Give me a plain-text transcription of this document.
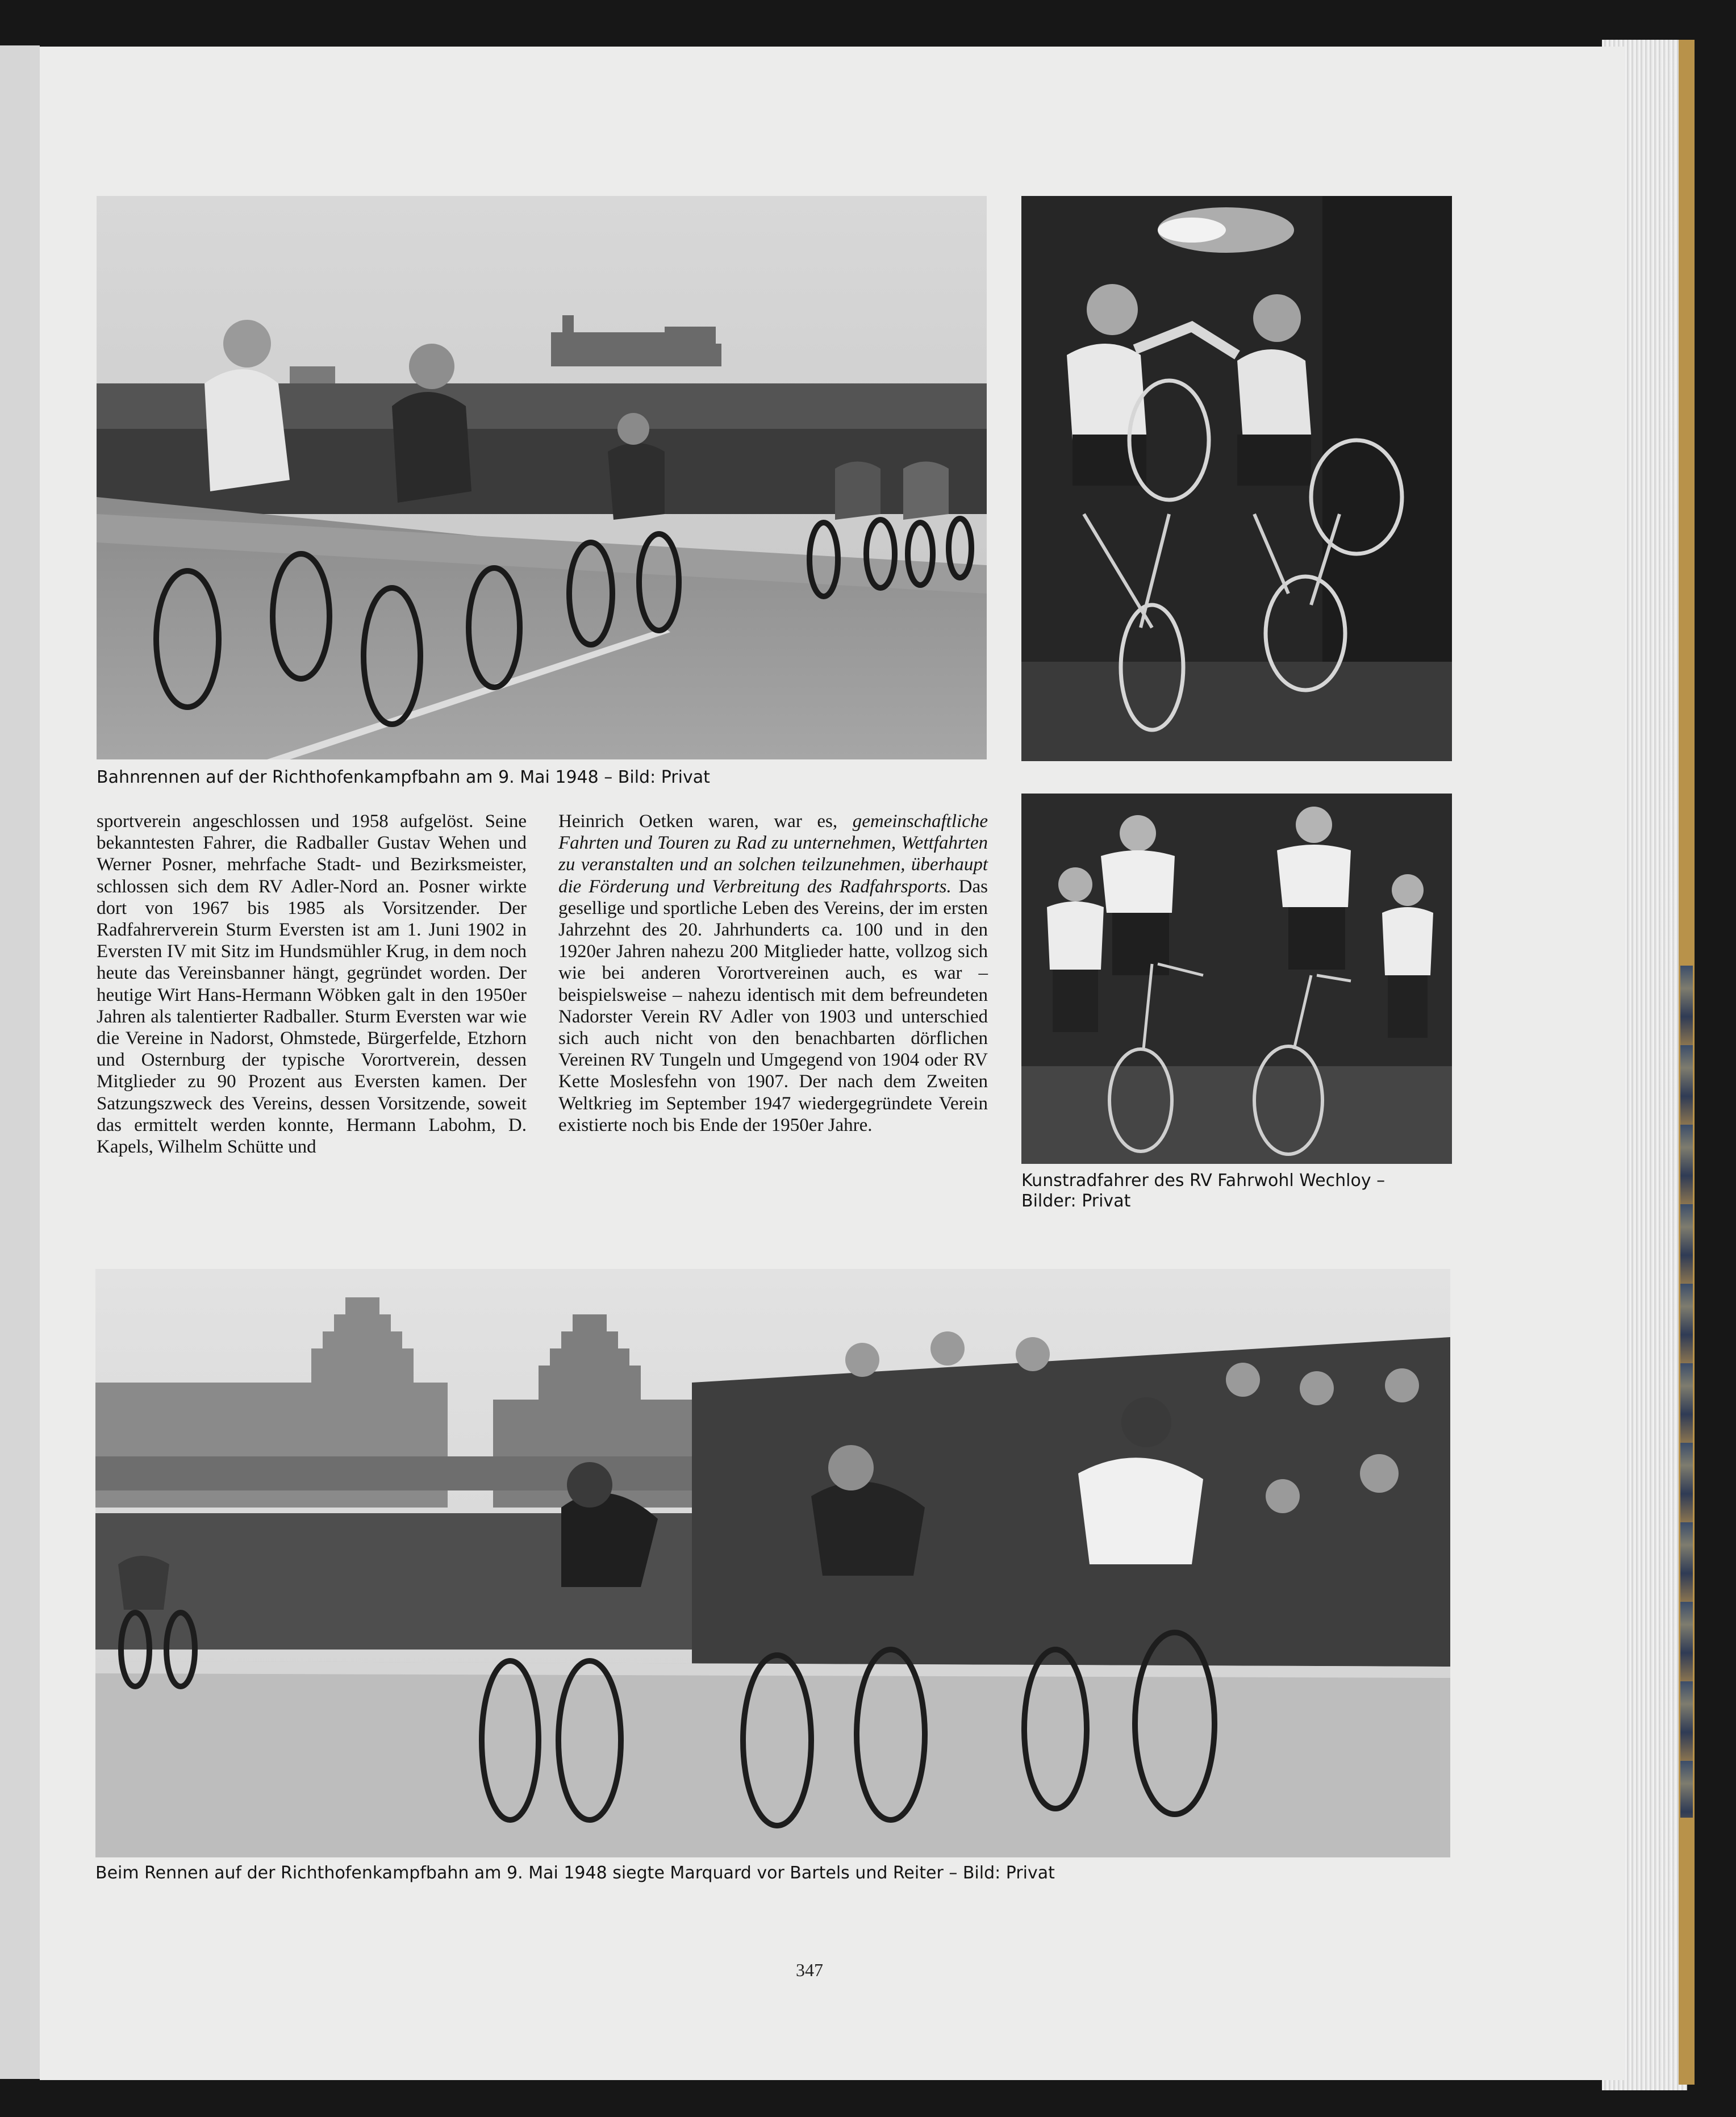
Bahnrennen auf der Richthofenkampfbahn am 9. Mai 1948 – Bild: Privat
Kunstradfahrer des RV Fahrwohl Wechloy –
Bilder: Privat

sportverein angeschlossen und 1958 aufgelöst. Seine bekanntesten Fahrer, die Radballer Gustav Wehen und Werner Posner, mehrfache Stadt- und Bezirksmeister, schlossen sich dem RV Adler-Nord an. Posner wirkte dort von 1967 bis 1985 als Vorsitzender. Der Radfahrerverein Sturm Eversten ist am 1. Juni 1902 in Eversten IV mit Sitz im Hundsmühler Krug, in dem noch heute das Vereinsbanner hängt, gegründet worden. Der heutige Wirt Hans-Hermann Wöbken galt in den 1950er Jahren als talentierter Radballer. Sturm Eversten war wie die Vereine in Nadorst, Ohmstede, Bürgerfelde, Etzhorn und Osternburg der typische Vorortverein, dessen Mitglieder zu 90 Prozent aus Eversten kamen. Der Satzungszweck des Vereins, dessen Vorsitzende, soweit das ermittelt werden konnte, Hermann Labohm, D. Kapels, Wilhelm Schütte und

Heinrich Oetken waren, war es, gemeinschaftliche Fahrten und Touren zu Rad zu unternehmen, Wettfahrten zu veranstalten und an solchen teilzunehmen, überhaupt die Förderung und Verbreitung des Radfahrsports. Das gesellige und sportliche Leben des Vereins, der im ersten Jahrzehnt des 20. Jahrhunderts ca. 100 und in den 1920er Jahren nahezu 200 Mitglieder hatte, vollzog sich wie bei anderen Vorortvereinen auch, es war – beispielsweise – nahezu identisch mit dem befreundeten Nadorster Verein RV Adler von 1903 und unterschied sich auch nicht von den benachbarten dörflichen Vereinen RV Tungeln und Umgegend von 1904 oder RV Kette Moslesfehn von 1907. Der nach dem Zweiten Weltkrieg im September 1947 wiedergegründete Verein existierte noch bis Ende der 1950er Jahre.

Beim Rennen auf der Richthofenkampfbahn am 9. Mai 1948 siegte Marquard vor Bartels und Reiter – Bild: Privat
347
